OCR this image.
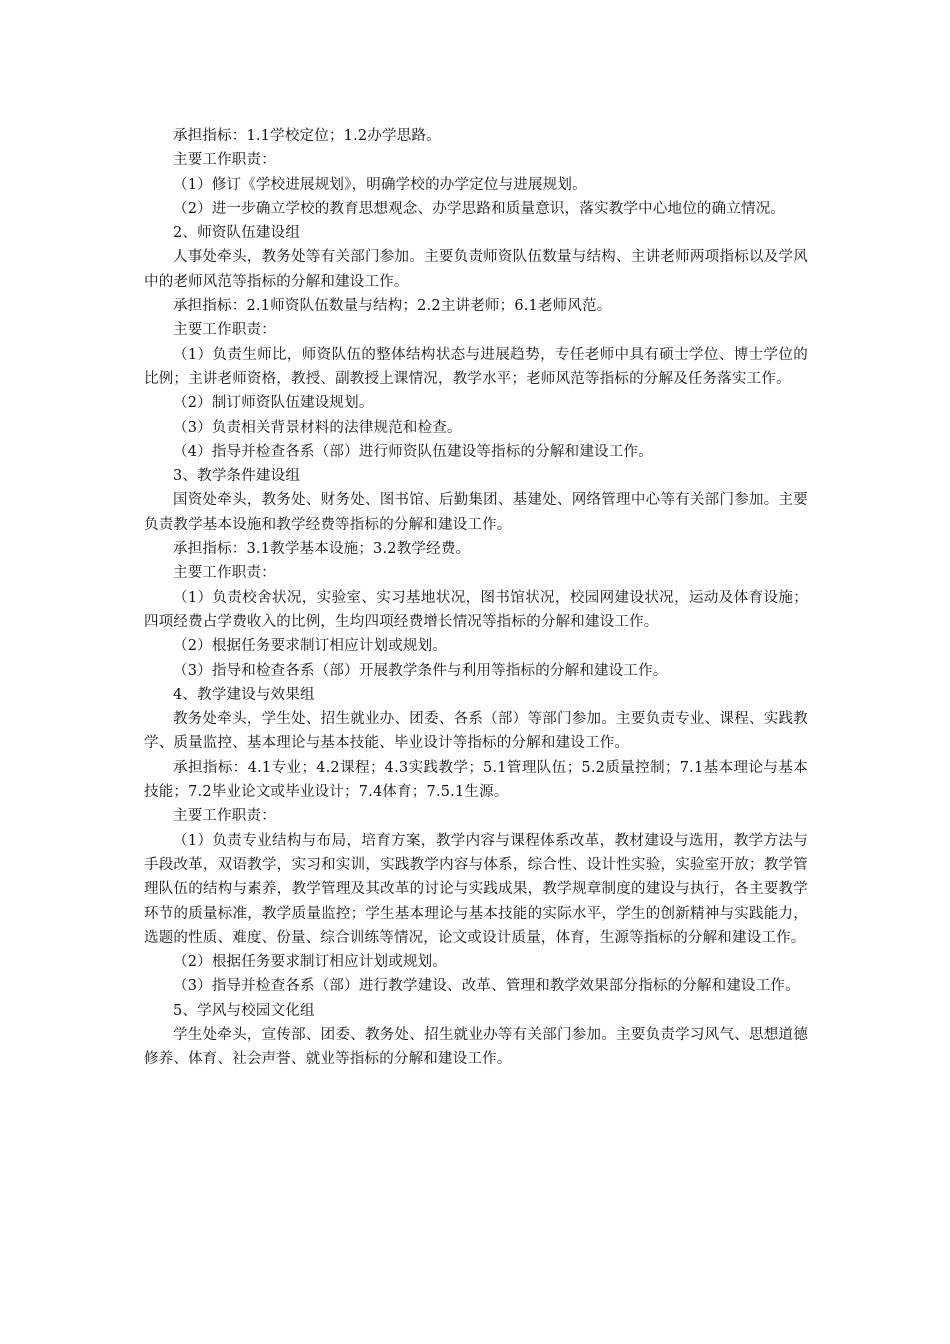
承担指标：1.1学校定位；1.2办学思路。

主要工作职责：

（1）修订《学校进展规划》，明确学校的办学定位与进展规划。

（2）进一步确立学校的教育思想观念、办学思路和质量意识，落实教学中心地位的确立情况。

2、师资队伍建设组

人事处牵头，教务处等有关部门参加。主要负责师资队伍数量与结构、主讲老师两项指标以及学风中的老师风范等指标的分解和建设工作。

承担指标：2.1师资队伍数量与结构；2.2主讲老师；6.1老师风范。

主要工作职责：

（1）负责生师比，师资队伍的整体结构状态与进展趋势，专任老师中具有硕士学位、博士学位的比例；主讲老师资格，教授、副教授上课情况，教学水平；老师风范等指标的分解及任务落实工作。

（2）制订师资队伍建设规划。

（3）负责相关背景材料的法律规范和检查。

（4）指导并检查各系（部）进行师资队伍建设等指标的分解和建设工作。

3、教学条件建设组

国资处牵头，教务处、财务处、图书馆、后勤集团、基建处、网络管理中心等有关部门参加。主要负责教学基本设施和教学经费等指标的分解和建设工作。

承担指标：3.1教学基本设施；3.2教学经费。

主要工作职责：

（1）负责校舍状况，实验室、实习基地状况，图书馆状况，校园网建设状况，运动及体育设施；四项经费占学费收入的比例，生均四项经费增长情况等指标的分解和建设工作。

（2）根据任务要求制订相应计划或规划。

（3）指导和检查各系（部）开展教学条件与利用等指标的分解和建设工作。

4、教学建设与效果组

教务处牵头，学生处、招生就业办、团委、各系（部）等部门参加。主要负责专业、课程、实践教学、质量监控、基本理论与基本技能、毕业设计等指标的分解和建设工作。

承担指标：4.1专业；4.2课程；4.3实践教学；5.1管理队伍；5.2质量控制；7.1基本理论与基本技能；7.2毕业论文或毕业设计；7.4体育；7.5.1生源。

主要工作职责：

（1）负责专业结构与布局，培育方案，教学内容与课程体系改革，教材建设与选用，教学方法与手段改革，双语教学，实习和实训，实践教学内容与体系，综合性、设计性实验，实验室开放；教学管理队伍的结构与素养，教学管理及其改革的讨论与实践成果，教学规章制度的建设与执行，各主要教学环节的质量标准，教学质量监控；学生基本理论与基本技能的实际水平，学生的创新精神与实践能力，选题的性质、难度、份量、综合训练等情况，论文或设计质量，体育，生源等指标的分解和建设工作。

（2）根据任务要求制订相应计划或规划。

（3）指导并检查各系（部）进行教学建设、改革、管理和教学效果部分指标的分解和建设工作。

5、学风与校园文化组

学生处牵头，宣传部、团委、教务处、招生就业办等有关部门参加。主要负责学习风气、思想道德修养、体育、社会声誉、就业等指标的分解和建设工作。
